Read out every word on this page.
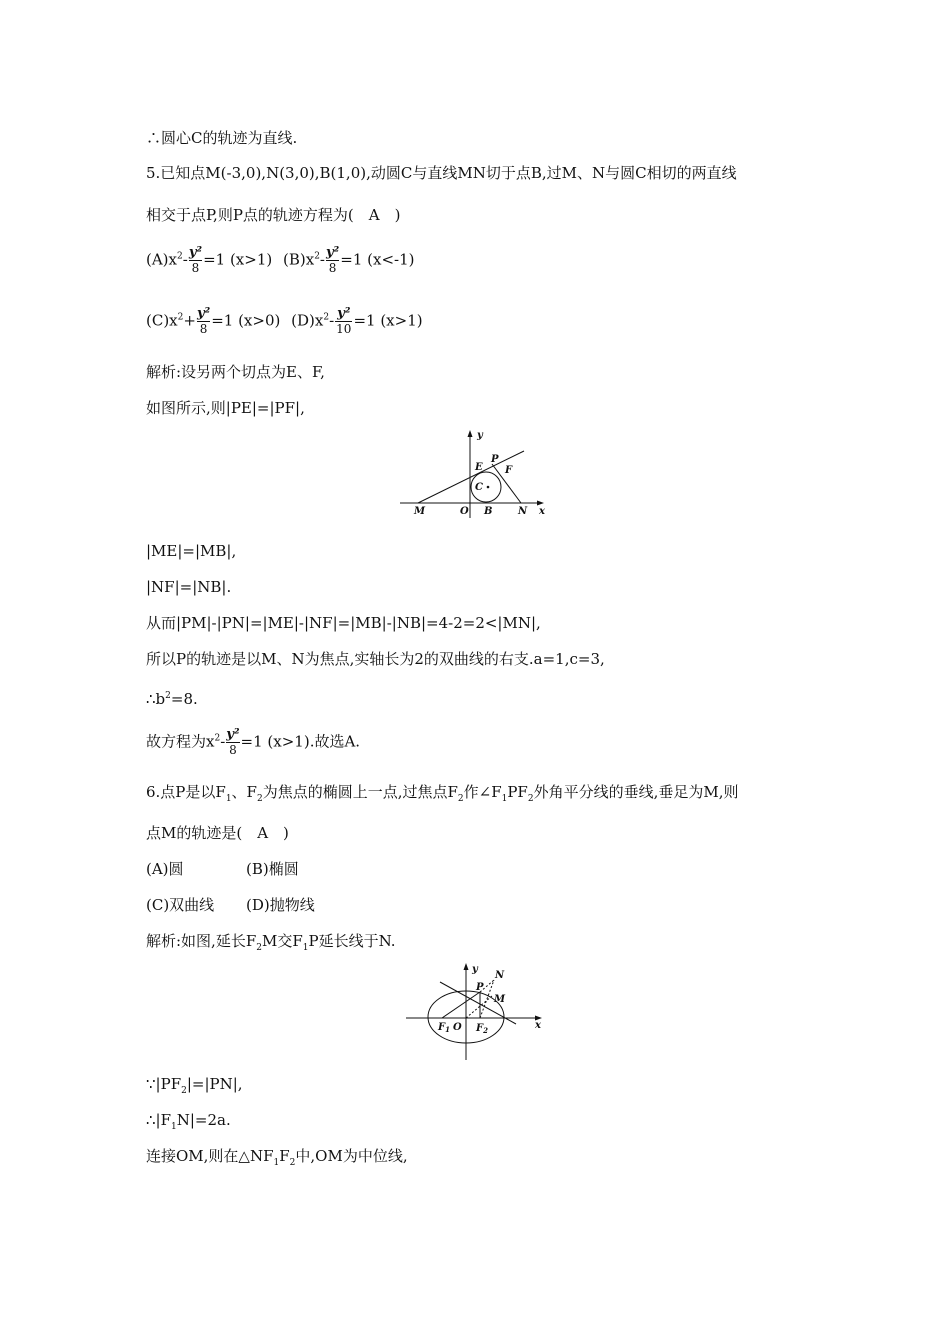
∴圆心C的轨迹为直线.
5.已知点M(-3,0),N(3,0),B(1,0),动圆C与直线MN切于点B,过M、N与圆C相切的两直线
相交于点P,则P点的轨迹方程为(　A　)
$(A)x^2- \frac{\text{y²}}{8} =1$ (x>1) $(B)x^2- \frac{\text{y²}}{8} =1$ (x<-1)
$(C)x^2+ \frac{\text{y²}}{8} =1$ (x>0) $(D)x^2- \frac{\text{y²}}{10} =1$ (x>1)
解析:设另两个切点为E、F,
如图所示,则|PE|=|PF|,
y
x
M	O B	N
C
E
P
F
|ME|=|MB|,
|NF|=|NB|.
从而|PM|-|PN|=|ME|-|NF|=|MB|-|NB|=4-2=2<|MN|,
所以P的轨迹是以M、N为焦点,实轴长为2的双曲线的右支.a=1,c=3,
$\therefore b^2=8$.
故方程为$x^2- \frac{\text{y²}}{8} =1$ (x>1).故选A.
6.点P是以$F_1$、$F_2$为焦点的椭圆上一点,过焦点$F_2$作$\angle F_1PF_2$外角平分线的垂线,垂足为M,则
点M的轨迹是(　A　)
(A)圆	(B)椭圆
(C)双曲线 (D)抛物线
解析:如图,延长$F_2M$交$F_1P$延长线于N.
y
x
N
P
M
$F_1$ O $F_2$
$\because|PF_2|=|PN|$,
$\therefore|F_1N|=2a$.
连接OM,则在$\triangle NF_1F_2$中,OM为中位线,
